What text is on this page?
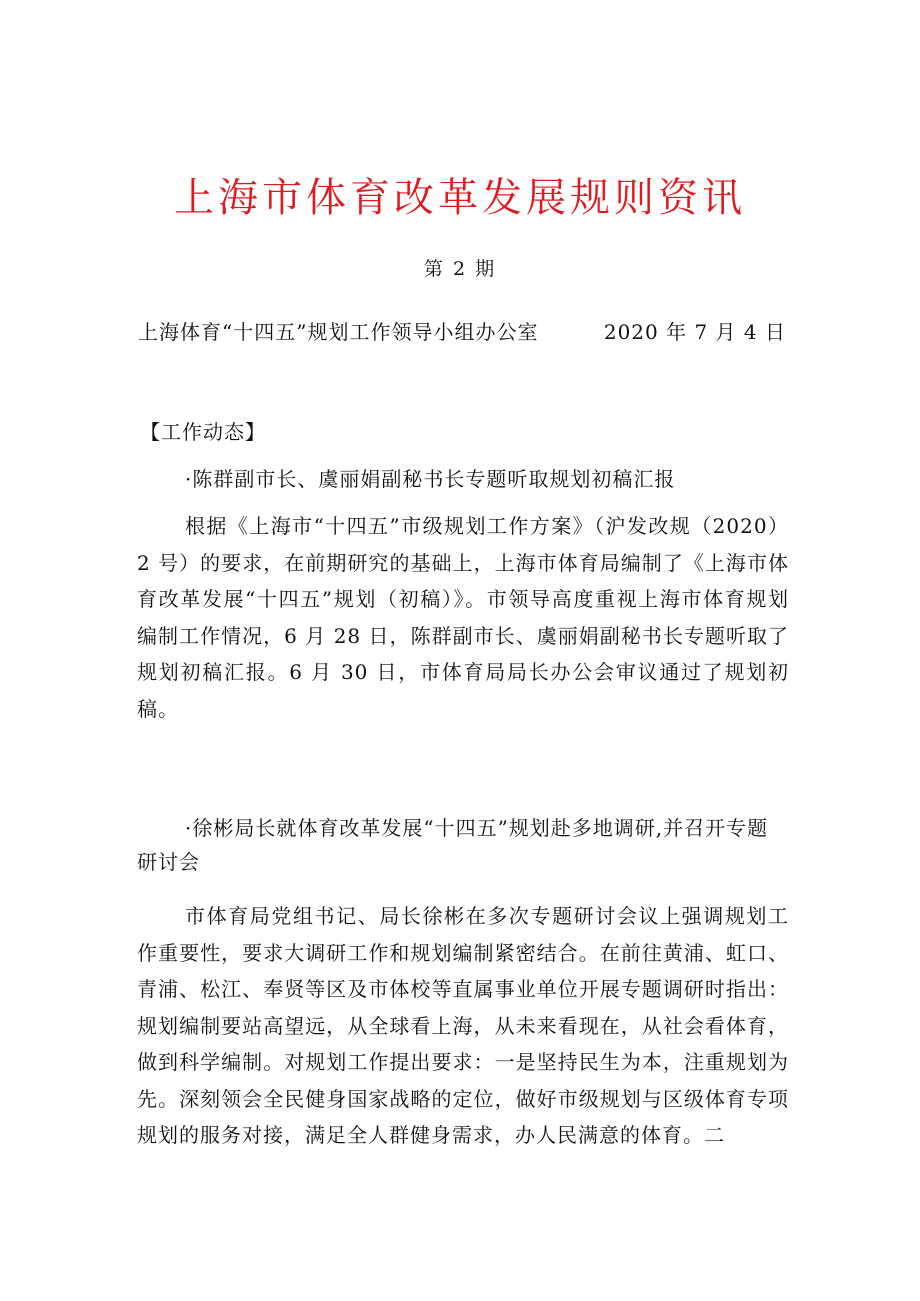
上海市体育改革发展规则资讯
第 2 期
上海体育“十四五”规划工作领导小组办公室	2020 年 7 月 4 日
【工作动态】
·陈群副市长、虞丽娟副秘书长专题听取规划初稿汇报
根据《上海市“十四五”市级规划工作方案》（沪发改规（2020）2 号）的要求，在前期研究的基础上，上海市体育局编制了《上海市体育改革发展“十四五”规划（初稿）》。市领导高度重视上海市体育规划编制工作情况，6 月 28 日，陈群副市长、虞丽娟副秘书长专题听取了规划初稿汇报。6 月 30 日，市体育局局长办公会审议通过了规划初稿。
·徐彬局长就体育改革发展“十四五”规划赴多地调研,并召开专题研讨会
市体育局党组书记、局长徐彬在多次专题研讨会议上强调规划工作重要性，要求大调研工作和规划编制紧密结合。在前往黄浦、虹口、青浦、松江、奉贤等区及市体校等直属事业单位开展专题调研时指出：规划编制要站高望远，从全球看上海，从未来看现在，从社会看体育，做到科学编制。对规划工作提出要求：一是坚持民生为本，注重规划为先。深刻领会全民健身国家战略的定位，做好市级规划与区级体育专项规划的服务对接，满足全人群健身需求，办人民满意的体育。二
